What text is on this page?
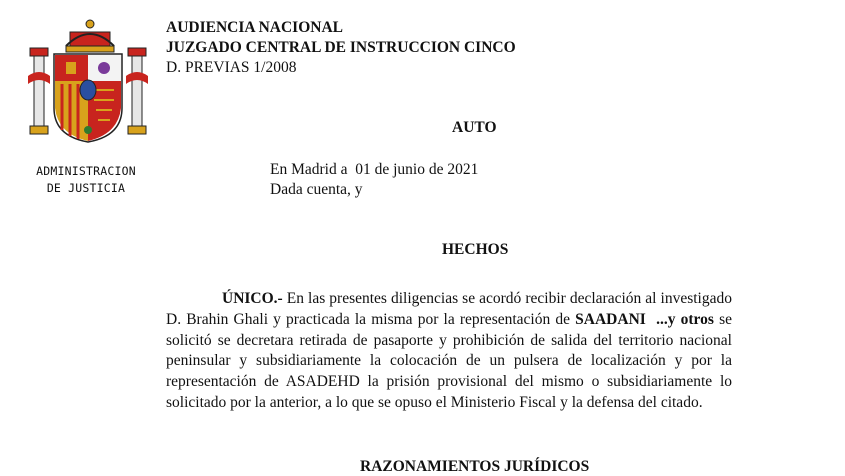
ADMINISTRACION
DE JUSTICIA
AUDIENCIA NACIONAL
JUZGADO CENTRAL DE INSTRUCCION CINCO
D. PREVIAS 1/2008
AUTO
En Madrid a  01 de junio de 2021
Dada cuenta, y
HECHOS

ÚNICO.- En las presentes diligencias se acordó recibir declaración al investigado D. Brahin Ghali y practicada la misma por la representación de SAADANI  ...y otros se solicitó se decretara retirada de pasaporte y prohibición de salida del territorio nacional peninsular y subsidiariamente la colocación de un pulsera de localización y por la representación de ASADEHD la prisión provisional del mismo o subsidiariamente lo solicitado por la anterior, a lo que se opuso el Ministerio Fiscal y la defensa del citado.

RAZONAMIENTOS JURÍDICOS
